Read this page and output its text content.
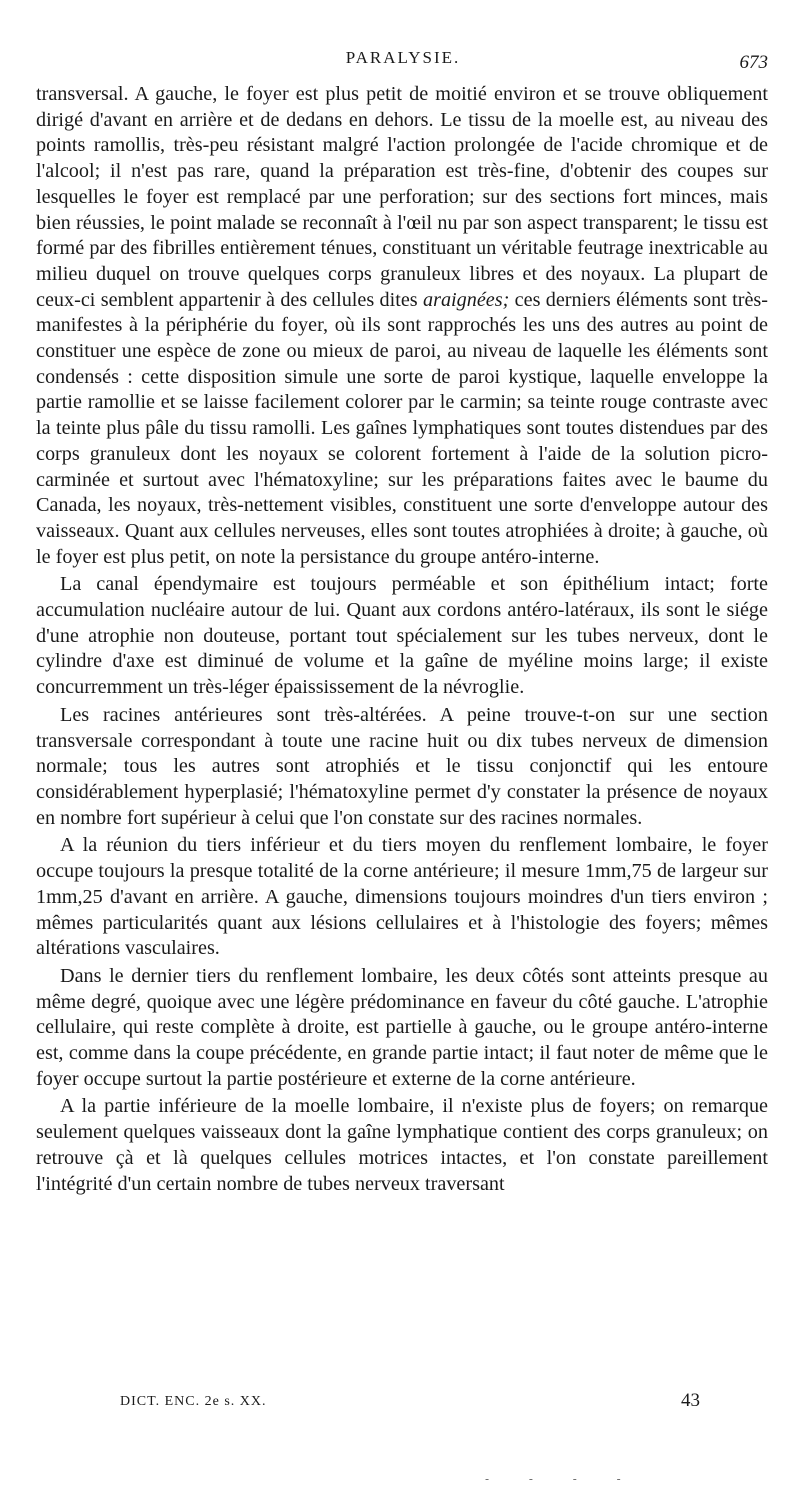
PARALYSIE.	673

transversal. A gauche, le foyer est plus petit de moitié environ et se trouve obliquement dirigé d'avant en arrière et de dedans en dehors. Le tissu de la moelle est, au niveau des points ramollis, très-peu résistant malgré l'action prolongée de l'acide chromique et de l'alcool; il n'est pas rare, quand la préparation est très-fine, d'obtenir des coupes sur lesquelles le foyer est remplacé par une perforation; sur des sections fort minces, mais bien réussies, le point malade se reconnaît à l'œil nu par son aspect transparent; le tissu est formé par des fibrilles entièrement ténues, constituant un véritable feutrage inextricable au milieu duquel on trouve quelques corps granuleux libres et des noyaux. La plupart de ceux-ci semblent appartenir à des cellules dites araignées; ces derniers éléments sont très-manifestes à la périphérie du foyer, où ils sont rapprochés les uns des autres au point de constituer une espèce de zone ou mieux de paroi, au niveau de laquelle les éléments sont condensés : cette disposition simule une sorte de paroi kystique, laquelle enveloppe la partie ramollie et se laisse facilement colorer par le carmin; sa teinte rouge contraste avec la teinte plus pâle du tissu ramolli. Les gaînes lymphatiques sont toutes distendues par des corps granuleux dont les noyaux se colorent fortement à l'aide de la solution picro-carminée et surtout avec l'hématoxyline; sur les préparations faites avec le baume du Canada, les noyaux, très-nettement visibles, constituent une sorte d'enveloppe autour des vaisseaux. Quant aux cellules nerveuses, elles sont toutes atrophiées à droite; à gauche, où le foyer est plus petit, on note la persistance du groupe antéro-interne.

La canal épendymaire est toujours perméable et son épithélium intact; forte accumulation nucléaire autour de lui. Quant aux cordons antéro-latéraux, ils sont le siége d'une atrophie non douteuse, portant tout spécialement sur les tubes nerveux, dont le cylindre d'axe est diminué de volume et la gaîne de myéline moins large; il existe concurremment un très-léger épaississement de la névroglie.

Les racines antérieures sont très-altérées. A peine trouve-t-on sur une section transversale correspondant à toute une racine huit ou dix tubes nerveux de dimension normale; tous les autres sont atrophiés et le tissu conjonctif qui les entoure considérablement hyperplasié; l'hématoxyline permet d'y constater la présence de noyaux en nombre fort supérieur à celui que l'on constate sur des racines normales.

A la réunion du tiers inférieur et du tiers moyen du renflement lombaire, le foyer occupe toujours la presque totalité de la corne antérieure; il mesure 1mm,75 de largeur sur 1mm,25 d'avant en arrière. A gauche, dimensions toujours moindres d'un tiers environ ; mêmes particularités quant aux lésions cellulaires et à l'histologie des foyers; mêmes altérations vasculaires.

Dans le dernier tiers du renflement lombaire, les deux côtés sont atteints presque au même degré, quoique avec une légère prédominance en faveur du côté gauche. L'atrophie cellulaire, qui reste complète à droite, est partielle à gauche, ou le groupe antéro-interne est, comme dans la coupe précédente, en grande partie intact; il faut noter de même que le foyer occupe surtout la partie postérieure et externe de la corne antérieure.

A la partie inférieure de la moelle lombaire, il n'existe plus de foyers; on remarque seulement quelques vaisseaux dont la gaîne lymphatique contient des corps granuleux; on retrouve çà et là quelques cellules motrices intactes, et l'on constate pareillement l'intégrité d'un certain nombre de tubes nerveux traversant

DICT. ENC. 2e s. XX.	43
- - - -
